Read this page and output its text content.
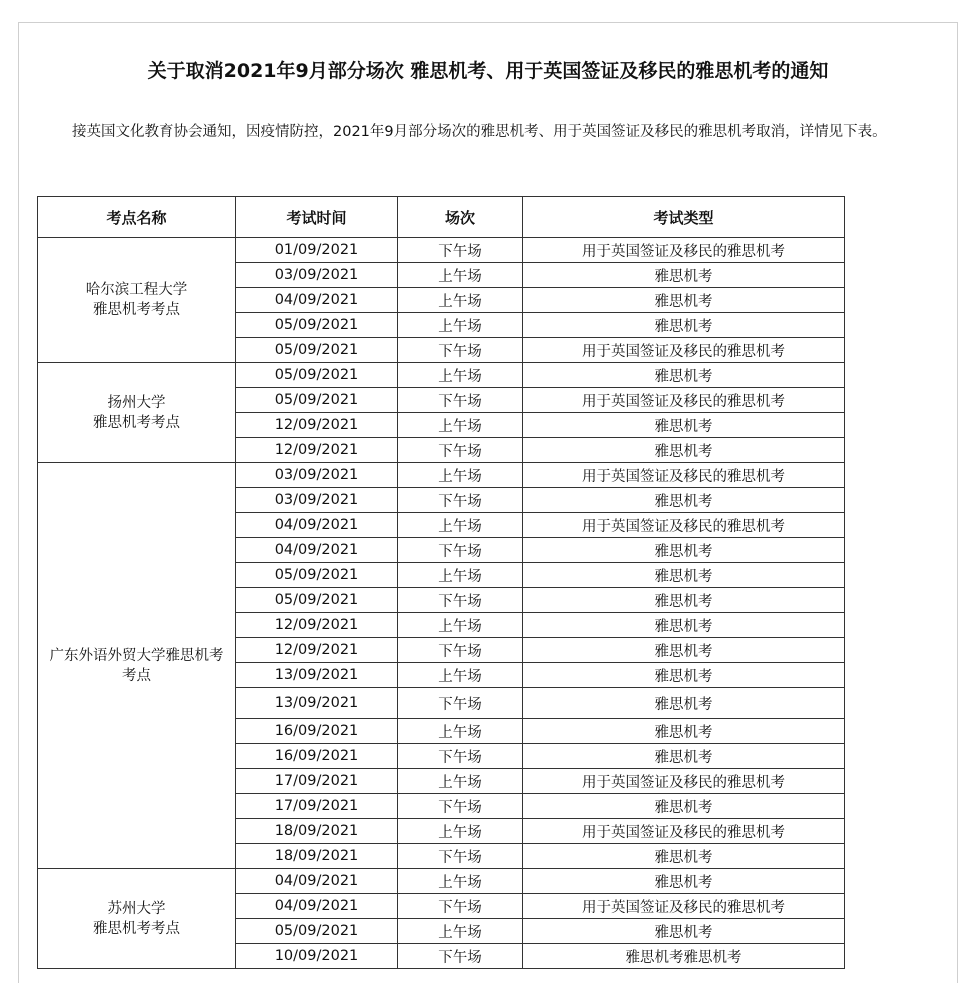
关于取消2021年9月部分场次 雅思机考、用于英国签证及移民的雅思机考的通知
接英国文化教育协会通知，因疫情防控，2021年9月部分场次的雅思机考、用于英国签证及移民的雅思机考取消，详情见下表。
考点名称	考试时间	场次	考试类型
哈尔滨工程大学
雅思机考考点	01/09/2021	下午场	用于英国签证及移民的雅思机考
	03/09/2021	上午场	雅思机考
	04/09/2021	上午场	雅思机考
	05/09/2021	上午场	雅思机考
	05/09/2021	下午场	用于英国签证及移民的雅思机考
扬州大学
雅思机考考点	05/09/2021	上午场	雅思机考
	05/09/2021	下午场	用于英国签证及移民的雅思机考
	12/09/2021	上午场	雅思机考
	12/09/2021	下午场	雅思机考
广东外语外贸大学雅思机考考点	03/09/2021	上午场	用于英国签证及移民的雅思机考
	03/09/2021	下午场	雅思机考
	04/09/2021	上午场	用于英国签证及移民的雅思机考
	04/09/2021	下午场	雅思机考
	05/09/2021	上午场	雅思机考
	05/09/2021	下午场	雅思机考
	12/09/2021	上午场	雅思机考
	12/09/2021	下午场	雅思机考
	13/09/2021	上午场	雅思机考
	13/09/2021	下午场	雅思机考
	16/09/2021	上午场	雅思机考
	16/09/2021	下午场	雅思机考
	17/09/2021	上午场	用于英国签证及移民的雅思机考
	17/09/2021	下午场	雅思机考
	18/09/2021	上午场	用于英国签证及移民的雅思机考
	18/09/2021	下午场	雅思机考
苏州大学
雅思机考考点	04/09/2021	上午场	雅思机考
	04/09/2021	下午场	用于英国签证及移民的雅思机考
	05/09/2021	上午场	雅思机考
	10/09/2021	下午场	雅思机考雅思机考
